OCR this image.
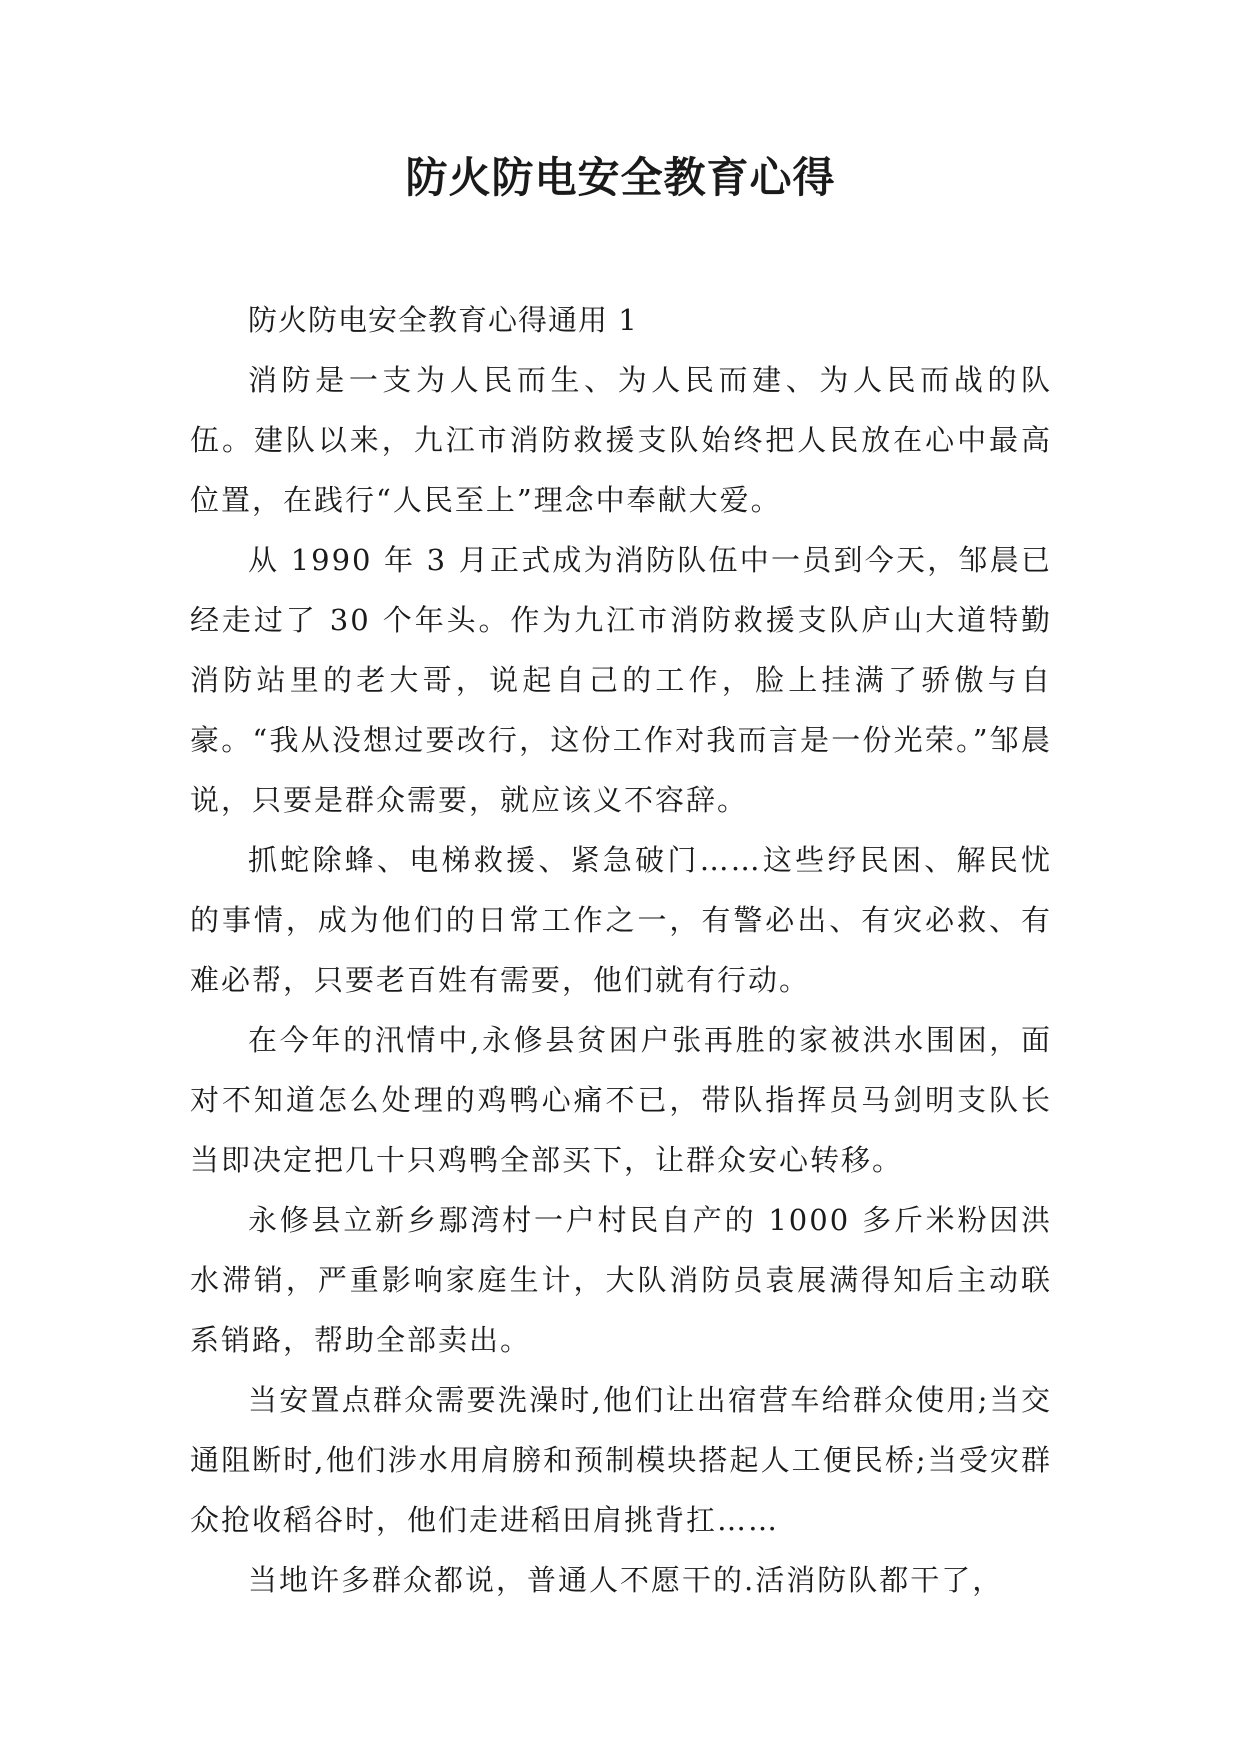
防火防电安全教育心得

防火防电安全教育心得通用 1

消防是一支为人民而生、为人民而建、为人民而战的队伍。建队以来，九江市消防救援支队始终把人民放在心中最高位置，在践行“人民至上”理念中奉献大爱。

从 1990 年 3 月正式成为消防队伍中一员到今天，邹晨已经走过了 30 个年头。作为九江市消防救援支队庐山大道特勤消防站里的老大哥，说起自己的工作，脸上挂满了骄傲与自豪。“我从没想过要改行，这份工作对我而言是一份光荣。”邹晨说，只要是群众需要，就应该义不容辞。

抓蛇除蜂、电梯救援、紧急破门……这些纾民困、解民忧的事情，成为他们的日常工作之一，有警必出、有灾必救、有难必帮，只要老百姓有需要，他们就有行动。

在今年的汛情中,永修县贫困户张再胜的家被洪水围困，面对不知道怎么处理的鸡鸭心痛不已，带队指挥员马剑明支队长当即决定把几十只鸡鸭全部买下，让群众安心转移。

永修县立新乡鄢湾村一户村民自产的 1000 多斤米粉因洪水滞销，严重影响家庭生计，大队消防员袁展满得知后主动联系销路，帮助全部卖出。

当安置点群众需要洗澡时,他们让出宿营车给群众使用;当交通阻断时,他们涉水用肩膀和预制模块搭起人工便民桥;当受灾群众抢收稻谷时，他们走进稻田肩挑背扛……

当地许多群众都说，普通人不愿干的.活消防队都干了，
